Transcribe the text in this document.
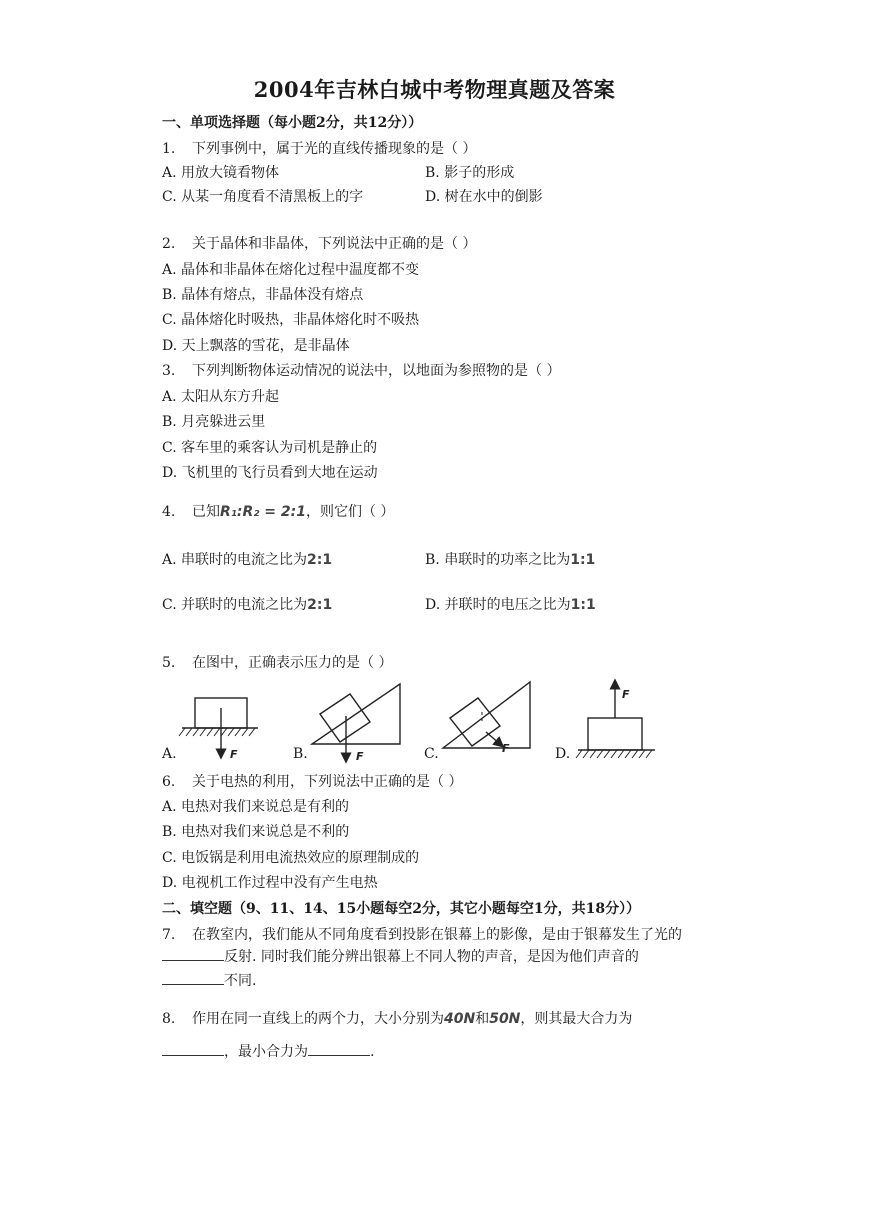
2004年吉林白城中考物理真题及答案
一、单项选择题（每小题2分，共12分））
1. 下列事例中，属于光的直线传播现象的是（ ）
A. 用放大镜看物体	B. 影子的形成
C. 从某一角度看不清黑板上的字	D. 树在水中的倒影
2. 关于晶体和非晶体，下列说法中正确的是（ ）
A. 晶体和非晶体在熔化过程中温度都不变
B. 晶体有熔点，非晶体没有熔点
C. 晶体熔化时吸热，非晶体熔化时不吸热
D. 天上飘落的雪花，是非晶体
3. 下列判断物体运动情况的说法中，以地面为参照物的是（ ）
A. 太阳从东方升起
B. 月亮躲进云里
C. 客车里的乘客认为司机是静止的
D. 飞机里的飞行员看到大地在运动
4. 已知R₁:R₂ = 2:1，则它们（ ）
A. 串联时的电流之比为2:1	B. 串联时的功率之比为1:1
C. 并联时的电流之比为2:1	D. 并联时的电压之比为1:1
5. 在图中，正确表示压力的是（ ）
F	F
F
F
A.	B.	C.	D.
6. 关于电热的利用，下列说法中正确的是（ ）
A. 电热对我们来说总是有利的
B. 电热对我们来说总是不利的
C. 电饭锅是利用电流热效应的原理制成的
D. 电视机工作过程中没有产生电热
二、填空题（9、11、14、15小题每空2分，其它小题每空1分，共18分））
7. 在教室内，我们能从不同角度看到投影在银幕上的影像，是由于银幕发生了光的
反射. 同时我们能分辨出银幕上不同人物的声音，是因为他们声音的
不同.
8. 作用在同一直线上的两个力，大小分别为40N和50N，则其最大合力为
，最小合力为	.
